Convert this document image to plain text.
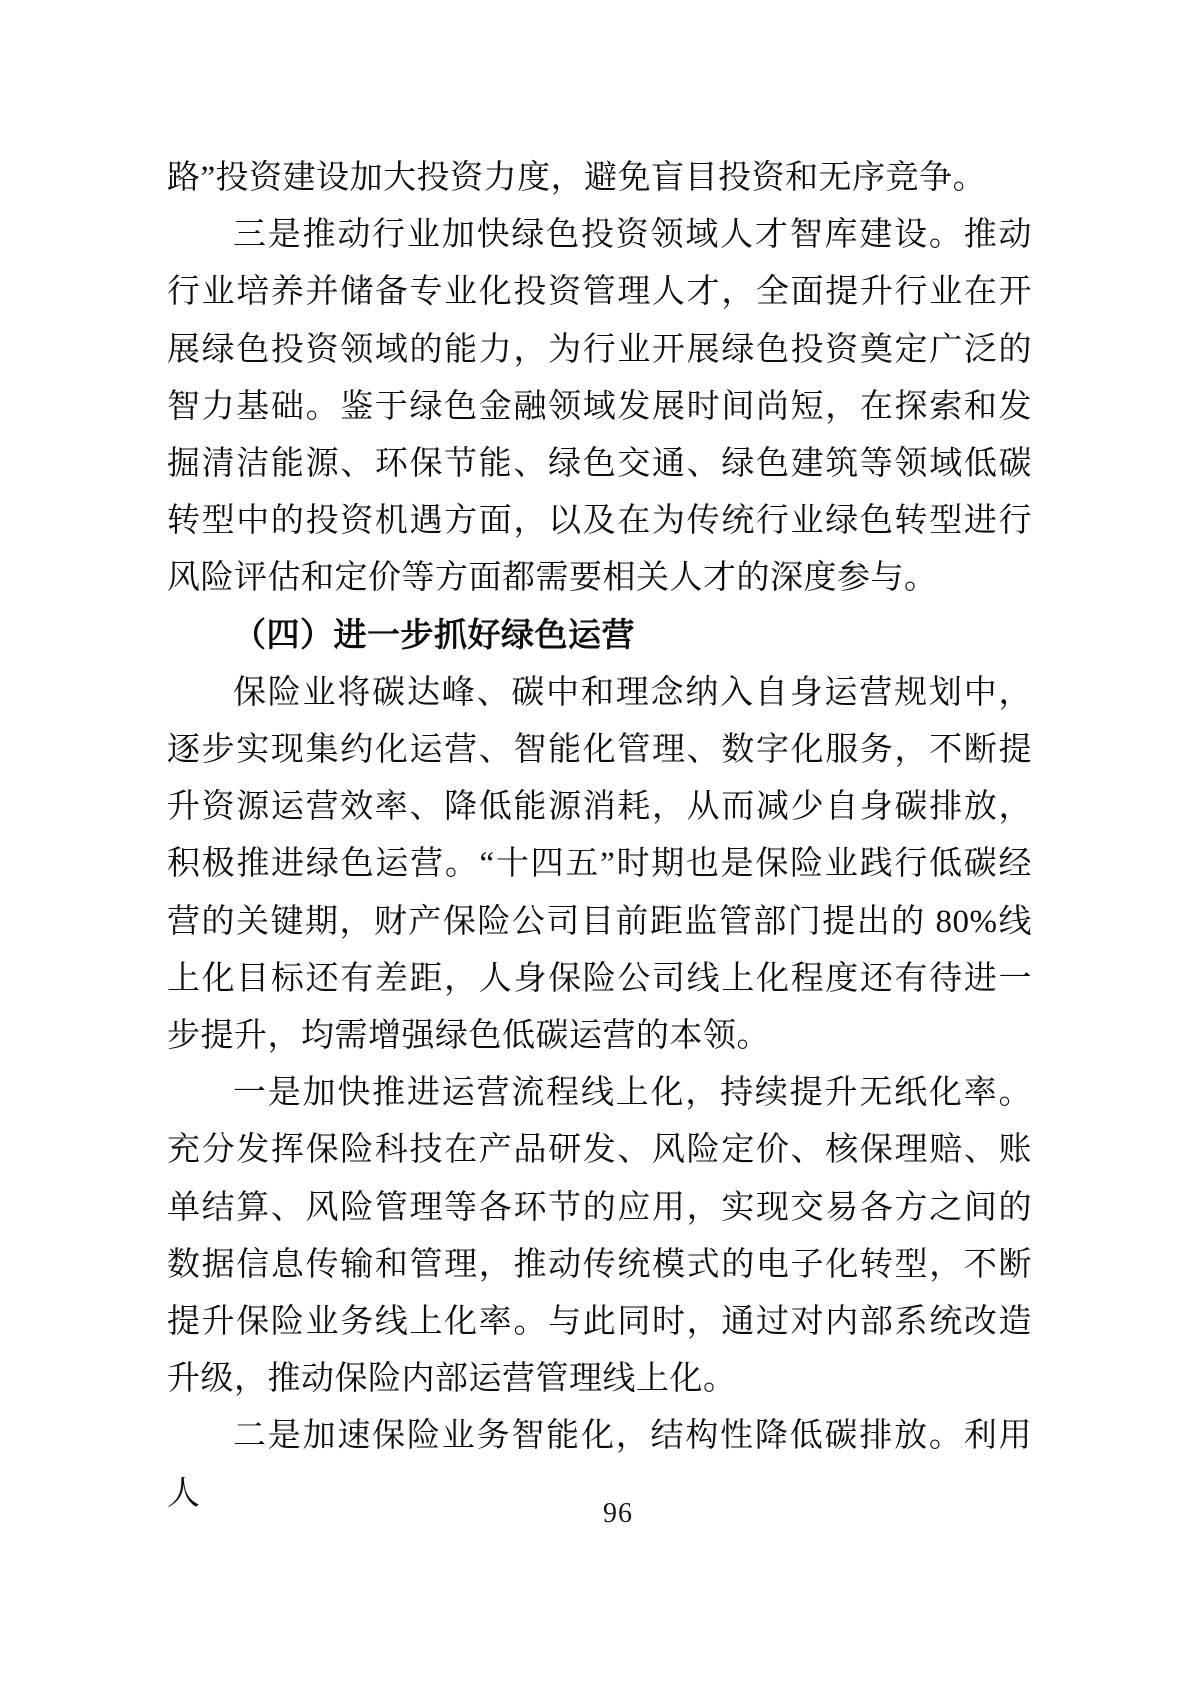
路”投资建设加大投资力度，避免盲目投资和无序竞争。

三是推动行业加快绿色投资领域人才智库建设。推动行业培养并储备专业化投资管理人才，全面提升行业在开展绿色投资领域的能力，为行业开展绿色投资奠定广泛的智力基础。鉴于绿色金融领域发展时间尚短，在探索和发掘清洁能源、环保节能、绿色交通、绿色建筑等领域低碳转型中的投资机遇方面，以及在为传统行业绿色转型进行风险评估和定价等方面都需要相关人才的深度参与。

（四）进一步抓好绿色运营

保险业将碳达峰、碳中和理念纳入自身运营规划中，逐步实现集约化运营、智能化管理、数字化服务，不断提升资源运营效率、降低能源消耗，从而减少自身碳排放，积极推进绿色运营。“十四五”时期也是保险业践行低碳经营的关键期，财产保险公司目前距监管部门提出的 80%线上化目标还有差距，人身保险公司线上化程度还有待进一步提升，均需增强绿色低碳运营的本领。

一是加快推进运营流程线上化，持续提升无纸化率。充分发挥保险科技在产品研发、风险定价、核保理赔、账单结算、风险管理等各环节的应用，实现交易各方之间的数据信息传输和管理，推动传统模式的电子化转型，不断提升保险业务线上化率。与此同时，通过对内部系统改造升级，推动保险内部运营管理线上化。

二是加速保险业务智能化，结构性降低碳排放。利用人

96
